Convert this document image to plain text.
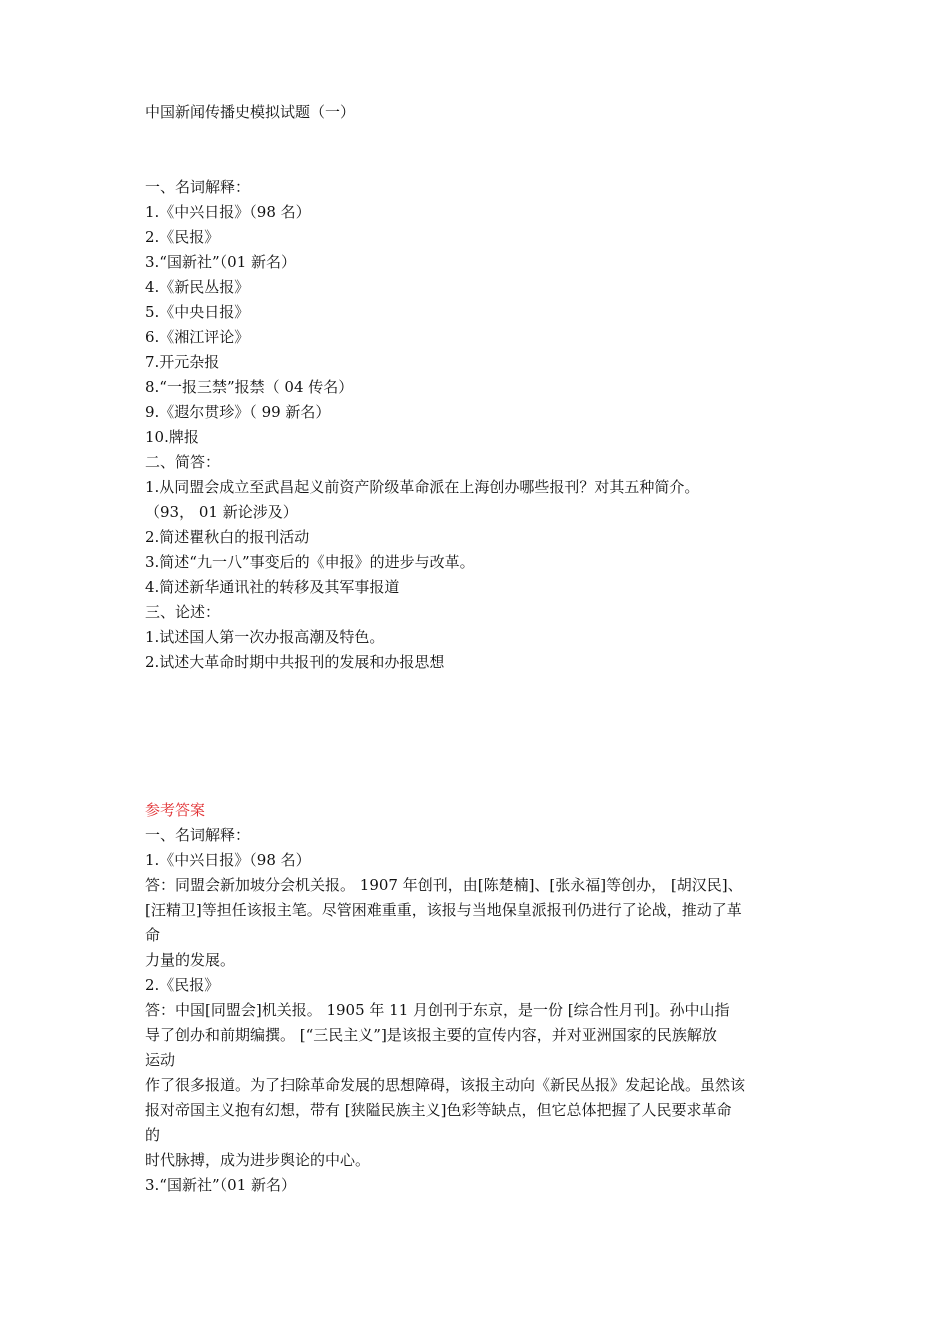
中国新闻传播史模拟试题（一）
一、名词解释：
1.《中兴日报》（98 名）
2.《民报》
3.“国新社”（01 新名）
4.《新民丛报》
5.《中央日报》
6.《湘江评论》
7.开元杂报
8.“一报三禁”报禁（ 04 传名）
9.《遐尔贯珍》（ 99 新名）
10.牌报
二、简答：
1.从同盟会成立至武昌起义前资产阶级革命派在上海创办哪些报刊？对其五种简介。
（93， 01 新论涉及）
2.简述瞿秋白的报刊活动
3.简述“九一八”事变后的《申报》的进步与改革。
4.简述新华通讯社的转移及其军事报道
三、论述：
1.试述国人第一次办报高潮及特色。
2.试述大革命时期中共报刊的发展和办报思想
参考答案
一、名词解释：
1.《中兴日报》（98 名）
答：同盟会新加坡分会机关报。 1907 年创刊，由[陈楚楠]、[张永福]等创办， [胡汉民]、
[汪精卫]等担任该报主笔。尽管困难重重，该报与当地保皇派报刊仍进行了论战，推动了革
命
力量的发展。
2.《民报》
答：中国[同盟会]机关报。 1905 年 11 月创刊于东京，是一份 [综合性月刊]。孙中山指
导了创办和前期编撰。 [“三民主义”]是该报主要的宣传内容，并对亚洲国家的民族解放
运动
作了很多报道。为了扫除革命发展的思想障碍，该报主动向《新民丛报》发起论战。虽然该
报对帝国主义抱有幻想，带有 [狭隘民族主义]色彩等缺点，但它总体把握了人民要求革命
的
时代脉搏，成为进步舆论的中心。
3.“国新社”（01 新名）
